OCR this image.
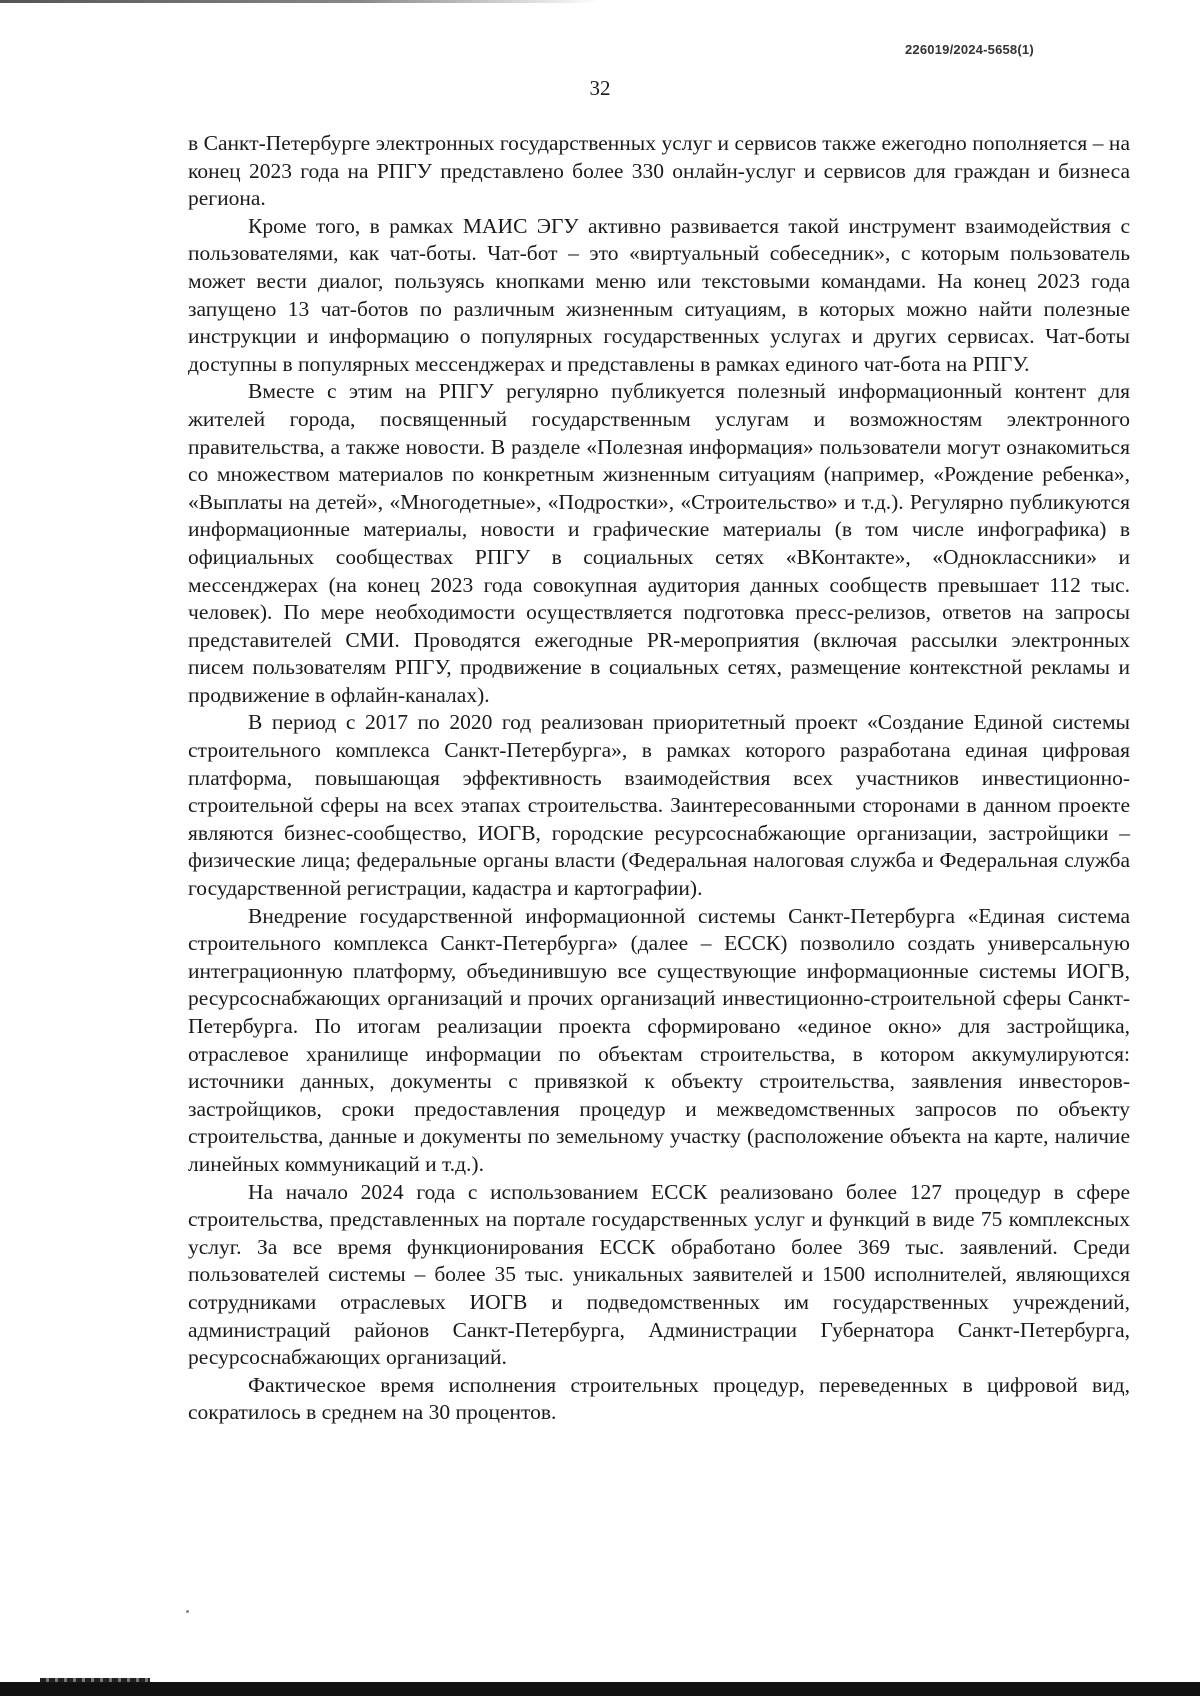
226019/2024-5658(1)
32

в Санкт-Петербурге электронных государственных услуг и сервисов также ежегодно пополняется – на конец 2023 года на РПГУ представлено более 330 онлайн-услуг и сервисов для граждан и бизнеса региона.

Кроме того, в рамках МАИС ЭГУ активно развивается такой инструмент взаимодействия с пользователями, как чат-боты. Чат-бот – это «виртуальный собеседник», с которым пользователь может вести диалог, пользуясь кнопками меню или текстовыми командами. На конец 2023 года запущено 13 чат-ботов по различным жизненным ситуациям, в которых можно найти полезные инструкции и информацию о популярных государственных услугах и других сервисах. Чат-боты доступны в популярных мессенджерах и представлены в рамках единого чат-бота на РПГУ.

Вместе с этим на РПГУ регулярно публикуется полезный информационный контент для жителей города, посвященный государственным услугам и возможностям электронного правительства, а также новости. В разделе «Полезная информация» пользователи могут ознакомиться со множеством материалов по конкретным жизненным ситуациям (например, «Рождение ребенка», «Выплаты на детей», «Многодетные», «Подростки», «Строительство» и т.д.). Регулярно публикуются информационные материалы, новости и графические материалы (в том числе инфографика) в официальных сообществах РПГУ в социальных сетях «ВКонтакте», «Одноклассники» и мессенджерах (на конец 2023 года совокупная аудитория данных сообществ превышает 112 тыс. человек). По мере необходимости осуществляется подготовка пресс-релизов, ответов на запросы представителей СМИ. Проводятся ежегодные PR-мероприятия (включая рассылки электронных писем пользователям РПГУ, продвижение в социальных сетях, размещение контекстной рекламы и продвижение в офлайн-каналах).

В период с 2017 по 2020 год реализован приоритетный проект «Создание Единой системы строительного комплекса Санкт-Петербурга», в рамках которого разработана единая цифровая платформа, повышающая эффективность взаимодействия всех участников инвестиционно-строительной сферы на всех этапах строительства. Заинтересованными сторонами в данном проекте являются бизнес-сообщество, ИОГВ, городские ресурсоснабжающие организации, застройщики – физические лица; федеральные органы власти (Федеральная налоговая служба и Федеральная служба государственной регистрации, кадастра и картографии).

Внедрение государственной информационной системы Санкт-Петербурга «Единая система строительного комплекса Санкт-Петербурга» (далее – ЕССК) позволило создать универсальную интеграционную платформу, объединившую все существующие информационные системы ИОГВ, ресурсоснабжающих организаций и прочих организаций инвестиционно-строительной сферы Санкт-Петербурга. По итогам реализации проекта сформировано «единое окно» для застройщика, отраслевое хранилище информации по объектам строительства, в котором аккумулируются: источники данных, документы с привязкой к объекту строительства, заявления инвесторов-застройщиков, сроки предоставления процедур и межведомственных запросов по объекту строительства, данные и документы по земельному участку (расположение объекта на карте, наличие линейных коммуникаций и т.д.).

На начало 2024 года с использованием ЕССК реализовано более 127 процедур в сфере строительства, представленных на портале государственных услуг и функций в виде 75 комплексных услуг. За все время функционирования ЕССК обработано более 369 тыс. заявлений. Среди пользователей системы – более 35 тыс. уникальных заявителей и 1500 исполнителей, являющихся сотрудниками отраслевых ИОГВ и подведомственных им государственных учреждений, администраций районов Санкт-Петербурга, Администрации Губернатора Санкт-Петербурга, ресурсоснабжающих организаций.

Фактическое время исполнения строительных процедур, переведенных в цифровой вид, сократилось в среднем на 30 процентов.
